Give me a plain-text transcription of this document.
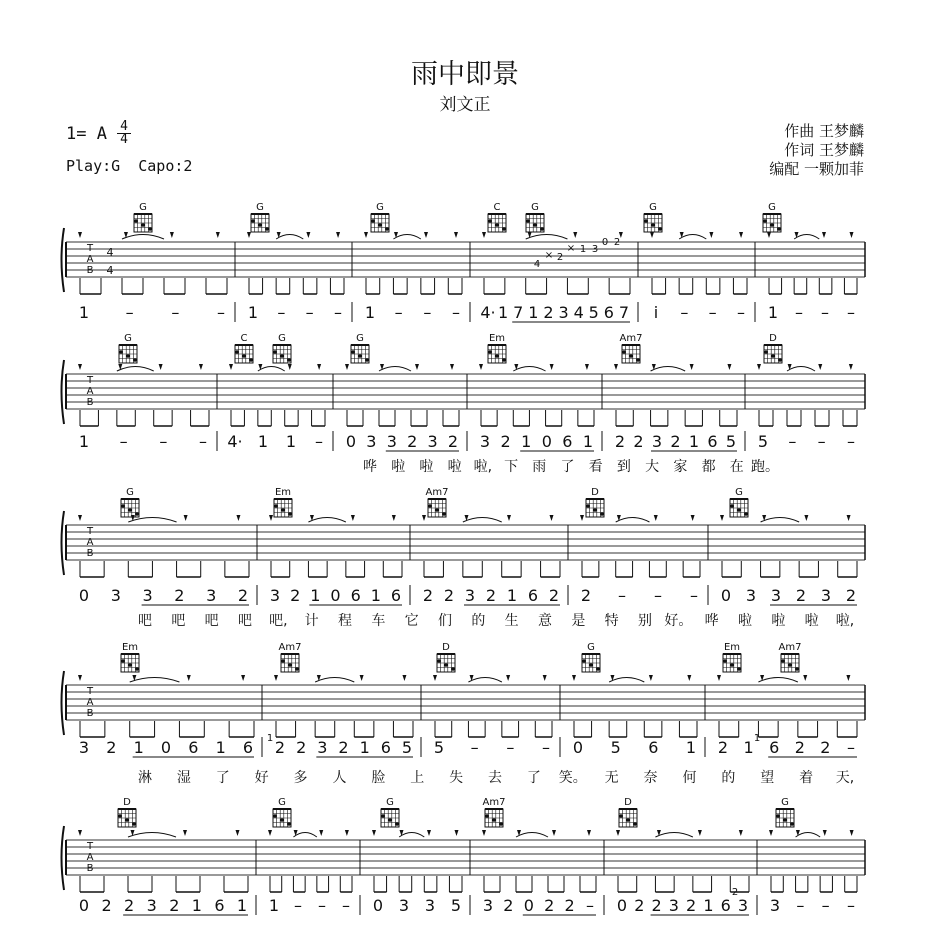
雨中即景
刘文正
1= A 4
4
Play:G Capo:2
作曲 王梦麟
作词 王梦麟
编配 一颗加菲
T
A
B
4
4	4
× 2
× 1 3
0 2
G	G	G	C	G	G	G
1 – – – 1 – – – 1 – – – 4· 1 7 1 2 3 4 5 6 7 i – – – 1 – – –
T
A
B
G	C	G	G	Em	Am7	D
1 – – – 4· 1 1 – 0 3 3 2 3 2 3 2 1 0 6 1 2 2 3 2 1 6 5 5 – – –
哗 啦 啦 啦 啦, 下 雨 了 看 到 大 家 都 在 跑。
T
A
B
G	Em	Am7	D	G
0 3 3 2 3 2 3 2 1 0 6 1 6 2 2 3 2 1 6 2 2 – – – 0 3 3 2 3 2
吧 吧 吧 吧 吧, 计 程 车 它 们 的 生 意 是 特 别 好。 哗 啦 啦 啦 啦,
T
A
B
1	1
Em	Am7	D	G	Em	Am7
3 2 1 0 6 1 6 2 2 3 2 1 6 5 5 – – – 0 5 6 1 2 1 6 2 2 –
淋 湿 了 好 多 人 脸 上 失 去 了 笑。 无 奈 何 的 望 着 天,
T
A
B
2
D	G	G	Am7	D	G
0 2 2 3 2 1 6 1 1 – – – 0 3 3 5 3 2 0 2 2 – 0 2 2 3 2 1 6 3 3 – – –
